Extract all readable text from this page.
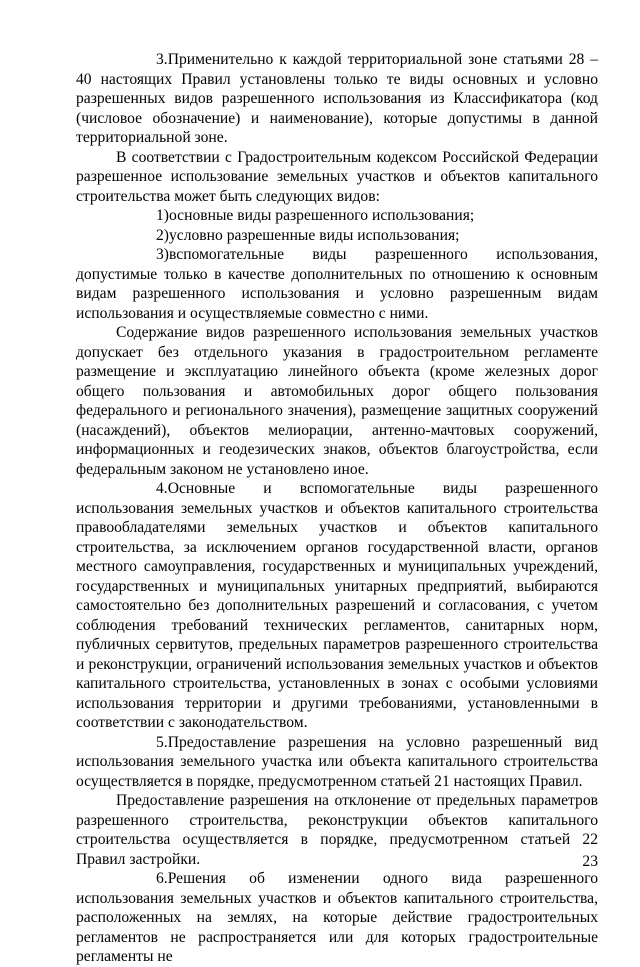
3.Применительно к каждой территориальной зоне статьями 28 – 40 настоящих Правил установлены только те виды основных и условно разрешенных видов разрешенного использования из Классификатора (код (числовое обозначение) и наименование), которые допустимы в данной территориальной зоне.

В соответствии с Градостроительным кодексом Российской Федерации разрешенное использование земельных участков и объектов капитального строительства может быть следующих видов:

1)основные виды разрешенного использования;

2)условно разрешенные виды использования;

3)вспомогательные виды разрешенного использования, допустимые только в качестве дополнительных по отношению к основным видам разрешенного использования и условно разрешенным видам использования и осуществляемые совместно с ними.

Содержание видов разрешенного использования земельных участков допускает без отдельного указания в градостроительном регламенте размещение и эксплуатацию линейного объекта (кроме железных дорог общего пользования и автомобильных дорог общего пользования федерального и регионального значения), размещение защитных сооружений (насаждений), объектов мелиорации, антенно-мачтовых сооружений, информационных и геодезических знаков, объектов благоустройства, если федеральным законом не установлено иное.

4.Основные и вспомогательные виды разрешенного использования земельных участков и объектов капитального строительства правообладателями земельных участков и объектов капитального строительства, за исключением органов государственной власти, органов местного самоуправления, государственных и муниципальных учреждений, государственных и муниципальных унитарных предприятий, выбираются самостоятельно без дополнительных разрешений и согласования, с учетом соблюдения требований технических регламентов, санитарных норм, публичных сервитутов, предельных параметров разрешенного строительства и реконструкции, ограничений использования земельных участков и объектов капитального строительства, установленных в зонах с особыми условиями использования территории и другими требованиями, установленными в соответствии с законодательством.

5.Предоставление разрешения на условно разрешенный вид использования земельного участка или объекта капитального строительства осуществляется в порядке, предусмотренном статьей 21 настоящих Правил.

Предоставление разрешения на отклонение от предельных параметров разрешенного строительства, реконструкции объектов капитального строительства осуществляется в порядке, предусмотренном статьей 22 Правил застройки.

6.Решения об изменении одного вида разрешенного использования земельных участков и объектов капитального строительства, расположенных на землях, на которые действие градостроительных регламентов не распространяется или для которых градостроительные регламенты не

23
